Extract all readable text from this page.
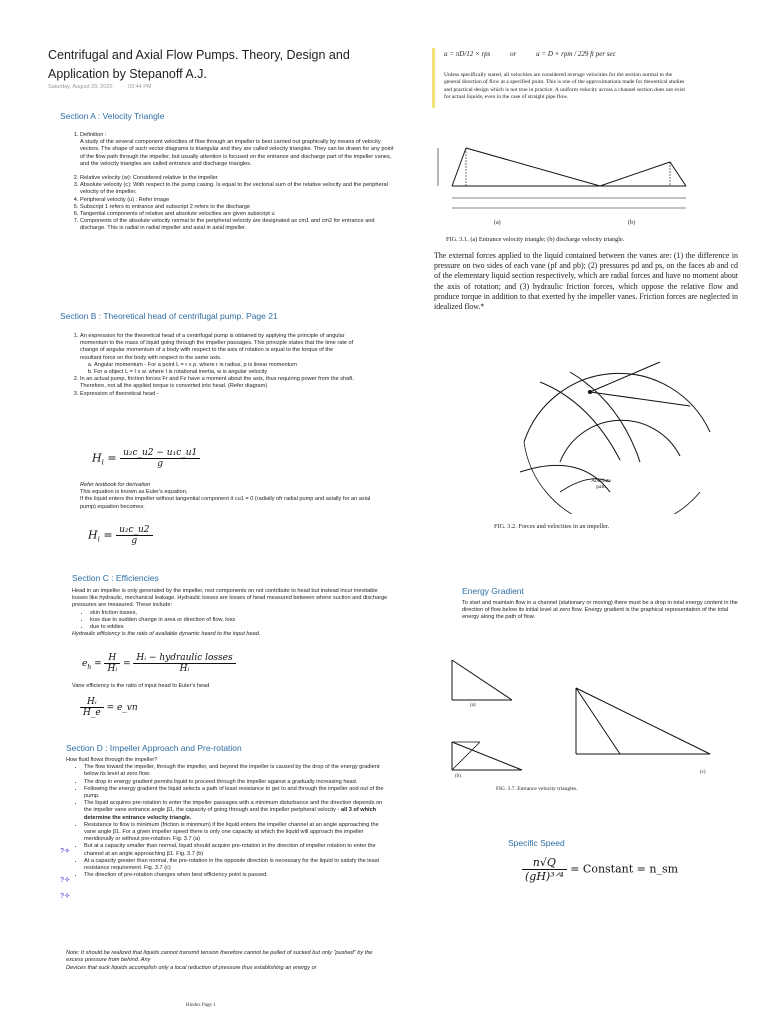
Centrifugal and Axial Flow Pumps. Theory, Design and Application by Stepanoff A.J.
Saturday, August 29, 2020	03:44 PM
Section A : Velocity Triangle
1. Definition :
A study of the several component velocities of flow through an impeller is best carried out graphically by means of velocity vectors. The shape of such vector diagrams is triangular and they are called velocity triangles. They can be drawn for any point of the flow path through the impeller, but usually attention is focused on the entrance and discharge part of the impeller vanes, and the velocity triangles are called entrance and discharge triangles.
2. Relative velocity (w): Considered relative to the impeller
3. Absolute velocity (c): With respect to the pump casing. Is equal to the vectorial sum of the relative velocity and the peripheral velocity of the impeller.
4. Peripheral velocity (u) : Refer image
5. Subscript 1 refers to entrance and subscript 2 refers to the discharge
6. Tangential components of relative and absolute velocities are given subscript u
7. Components of the absolute velocity normal to the peripheral velocity are designated as cm1 and cm2 for entrance and discharge. This is radial in radial impeller and axial in axial impeller.
Section B : Theoretical head of centrifugal pump. Page 21
1. An expression for the theoretical head of a centrifugal pump is obtained by applying the principle of angular momentum to the mass of liquid going through the impeller passages. This principle states that the time rate of change of angular momentum of a body with respect to the axis of rotation is equal to the torque of the resultant force on the body with respect to the same axis.
a. Angular momentum - For a point L = r x p. where r is radius, p is linear momentum
b. For a object L = I x w. where I is rotational inertia, w is angular velocity
2. In an actual pump, friction forces Fr and Fz have a moment about the axis, thus requiring power from the shaft. Therefore, not all the applied torque is converted into head. (Refer diagram)
3. Expression of theoretical head -
$H_i = \frac{\text{u₂c\_u2 − u₁c\_u1}}{g}$
Refer textbook for derivation
This equation is known as Euler's equation,
If the liquid enters the impeller without tangential component it cu1 = 0 (radially ofr radial pump and axially for an axial pump) equation becomes:
$H_i = \frac{\text{u₂c\_u2}}{g}$
Section C : Efficiencies
Head in an impeller is only generated by the impeller, rest components on not contribute to head but instead incur inevitable losses like hydraulic, mechanical leakage. Hydraulic losses are losses of head measured between where suction and discharge pressures are measured. These include:
• skin friction losses,
• loss due to sudden change in area or direction of flow, loss
• due to eddies
Hydraulic efficiency is the ratio of available dynamic heard to the input head.
$e_h = \frac{H}{\text{Hᵢ}} = \frac{\text{Hᵢ − hydraulic losses}}{\text{Hᵢ}}$
Vane efficiency is the ratio of input head to Euler's head
$\frac{\text{Hᵢ}}{H\_e}$ = e_vn
Section D : Impeller Approach and Pre-rotation
How fluid flows through the impeller?
• The flow toward the impeller, through the impeller, and beyond the impeller is caused by the drop of the energy gradient below its level at zero flow.
• The drop in energy gradient permits liquid to proceed through the impeller against a gradually increasing head.
• Following the energy gradient the liquid selects a path of least resistance to get to and through the impeller and out of the pump.
• The liquid acquires pre-rotation to enter the impeller passages with a minimum disturbance and the direction depends on the impeller vane entrance angle β1, the capacity of going through and the impeller peripheral velocity - all 3 of which determine the entrance velocity triangle.
• Resistance to flow is minimum (friction is minimum) if the liquid enters the impeller channel at an angle approaching the vane angle β1. For a given impeller speed there is only one capacity at which the liquid will approach the impeller meridionally or without pre-rotation. Fig. 3.7 (a)
• But at a capacity smaller than normal, liquid should acquire pre-rotation in the direction of impeller rotation to enter the channel at an angle approaching β1. Fig. 3.7 (b)
• At a capacity greater than normal, the pre-rotation in the opposite direction is necessary for the liquid to satisfy the least resistance requirement. Fig. 3.7 (c)
• The direction of pre-rotation changes when best efficiency point is passed.
?✧
?✧
?✧
Note: It should be realized that liquids cannot transmit tension therefore cannot be pulled of sucked but only "pushed" by the excess pressure from behind. Any
Devices that suck liquids accomplish only a local reduction of pressure thus establishing an energy or
u = πD/12 × rps	or	u = D × rpm / 229 ft per sec
Unless specifically stated, all velocities are considered average velocities for the section normal to the general direction of flow at a specified point. This is one of the approximations made for theoretical studies and practical design which is not true in practice. A uniform velocity across a channel section does not exist for actual liquids, even in the case of straight pipe flow.
(a)	(b)
FIG. 3.1. (a) Entrance velocity triangle; (b) discharge velocity triangle.
The external forces applied to the liquid contained between the vanes are: (1) the difference in pressure on two sides of each vane (pf and pb); (2) pressures pd and ps, on the faces ab and cd of the elementary liquid section respectively, which are radial forces and have no moment about the axis of rotation; and (3) hydraulic friction forces, which oppose the relative flow and produce torque in addition to that exerted by the impeller vanes. Friction forces are neglected in idealized flow.*
Absolute path
FIG. 3.2. Forces and velocities in an impeller.
Energy Gradient
To start and maintain flow in a channel (stationary or moving) there must be a drop in total energy content in the direction of flow below its initial level at zero flow. Energy gradient is the graphical representation of the total energy along the path of flow.
(a)
(b)
(c)
FIG. 3.7. Entrance velocity triangles.
Specific Speed
$\frac{n√Q}{\text{(gH)³ᐟ⁴}}$ = Constant = n_sm
Hindex Page 1
